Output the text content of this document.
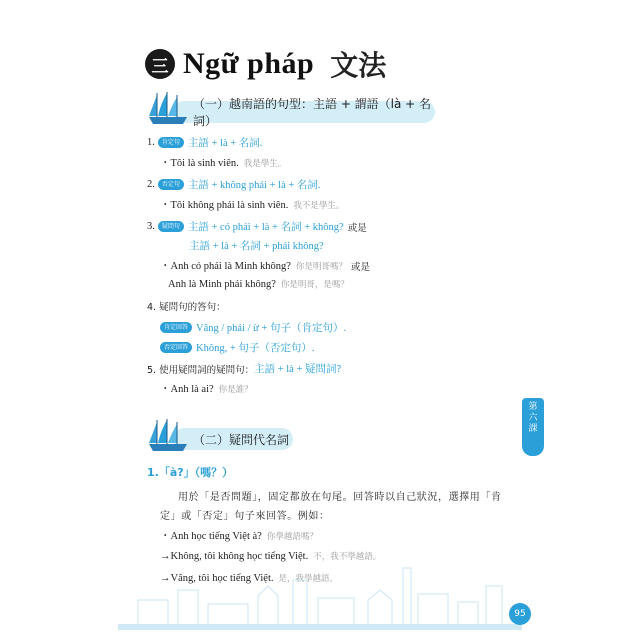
三 Ngữ pháp 文法
（一）越南語的句型：主語 + 謂語（là + 名詞）
1.	肯定句 主語 + là + 名詞.
・Tôi là sinh viên. 我是學生。
2.	否定句 主語 + không phải + là + 名詞.
・Tôi không phải là sinh viên. 我不是學生。
3.	疑問句 主語 + có phải + là + 名詞 + không? 或是
主語 + là + 名詞 + phải không?
・Anh có phải là Minh không? 你是明哥嗎？ 或是
Anh là Minh phải không? 你是明哥，是嗎？
4. 疑問句的答句：
肯定回答 Vâng / phải / ừ + 句子（肯定句）.
否定回答 Không, + 句子（否定句）.
5. 使用疑問詞的疑問句： 主語 + là + 疑問詞?
・Anh là ai? 你是誰？
（二）疑問代名詞
1.「à?」（嗎？）
用於「是否問題」，固定都放在句尾。回答時以自己狀況，選擇用「肯
定」或「否定」句子來回答。例如：
・Anh học tiếng Việt à? 你學越語嗎？
→Không, tôi không học tiếng Việt. 不，我不學越語。
→Vâng, tôi học tiếng Việt. 是，我學越語。
第
六
課
95
